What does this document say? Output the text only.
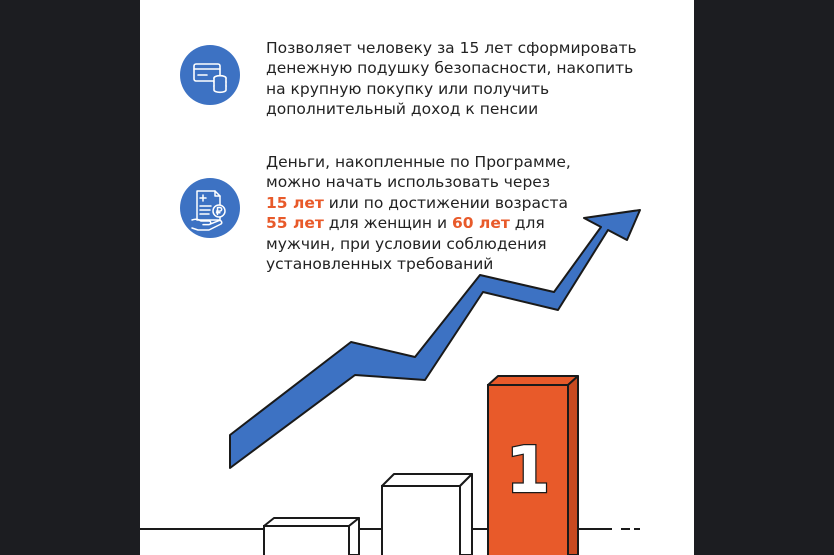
Позволяет человеку за 15 лет сформировать
денежную подушку безопасности, накопить
на крупную покупку или получить
дополнительный доход к пенсии
Деньги, накопленные по Программе,
можно начать использовать через
15 лет или по достижении возраста
55 лет для женщин и 60 лет для
мужчин, при условии соблюдения
установленных требований
1
